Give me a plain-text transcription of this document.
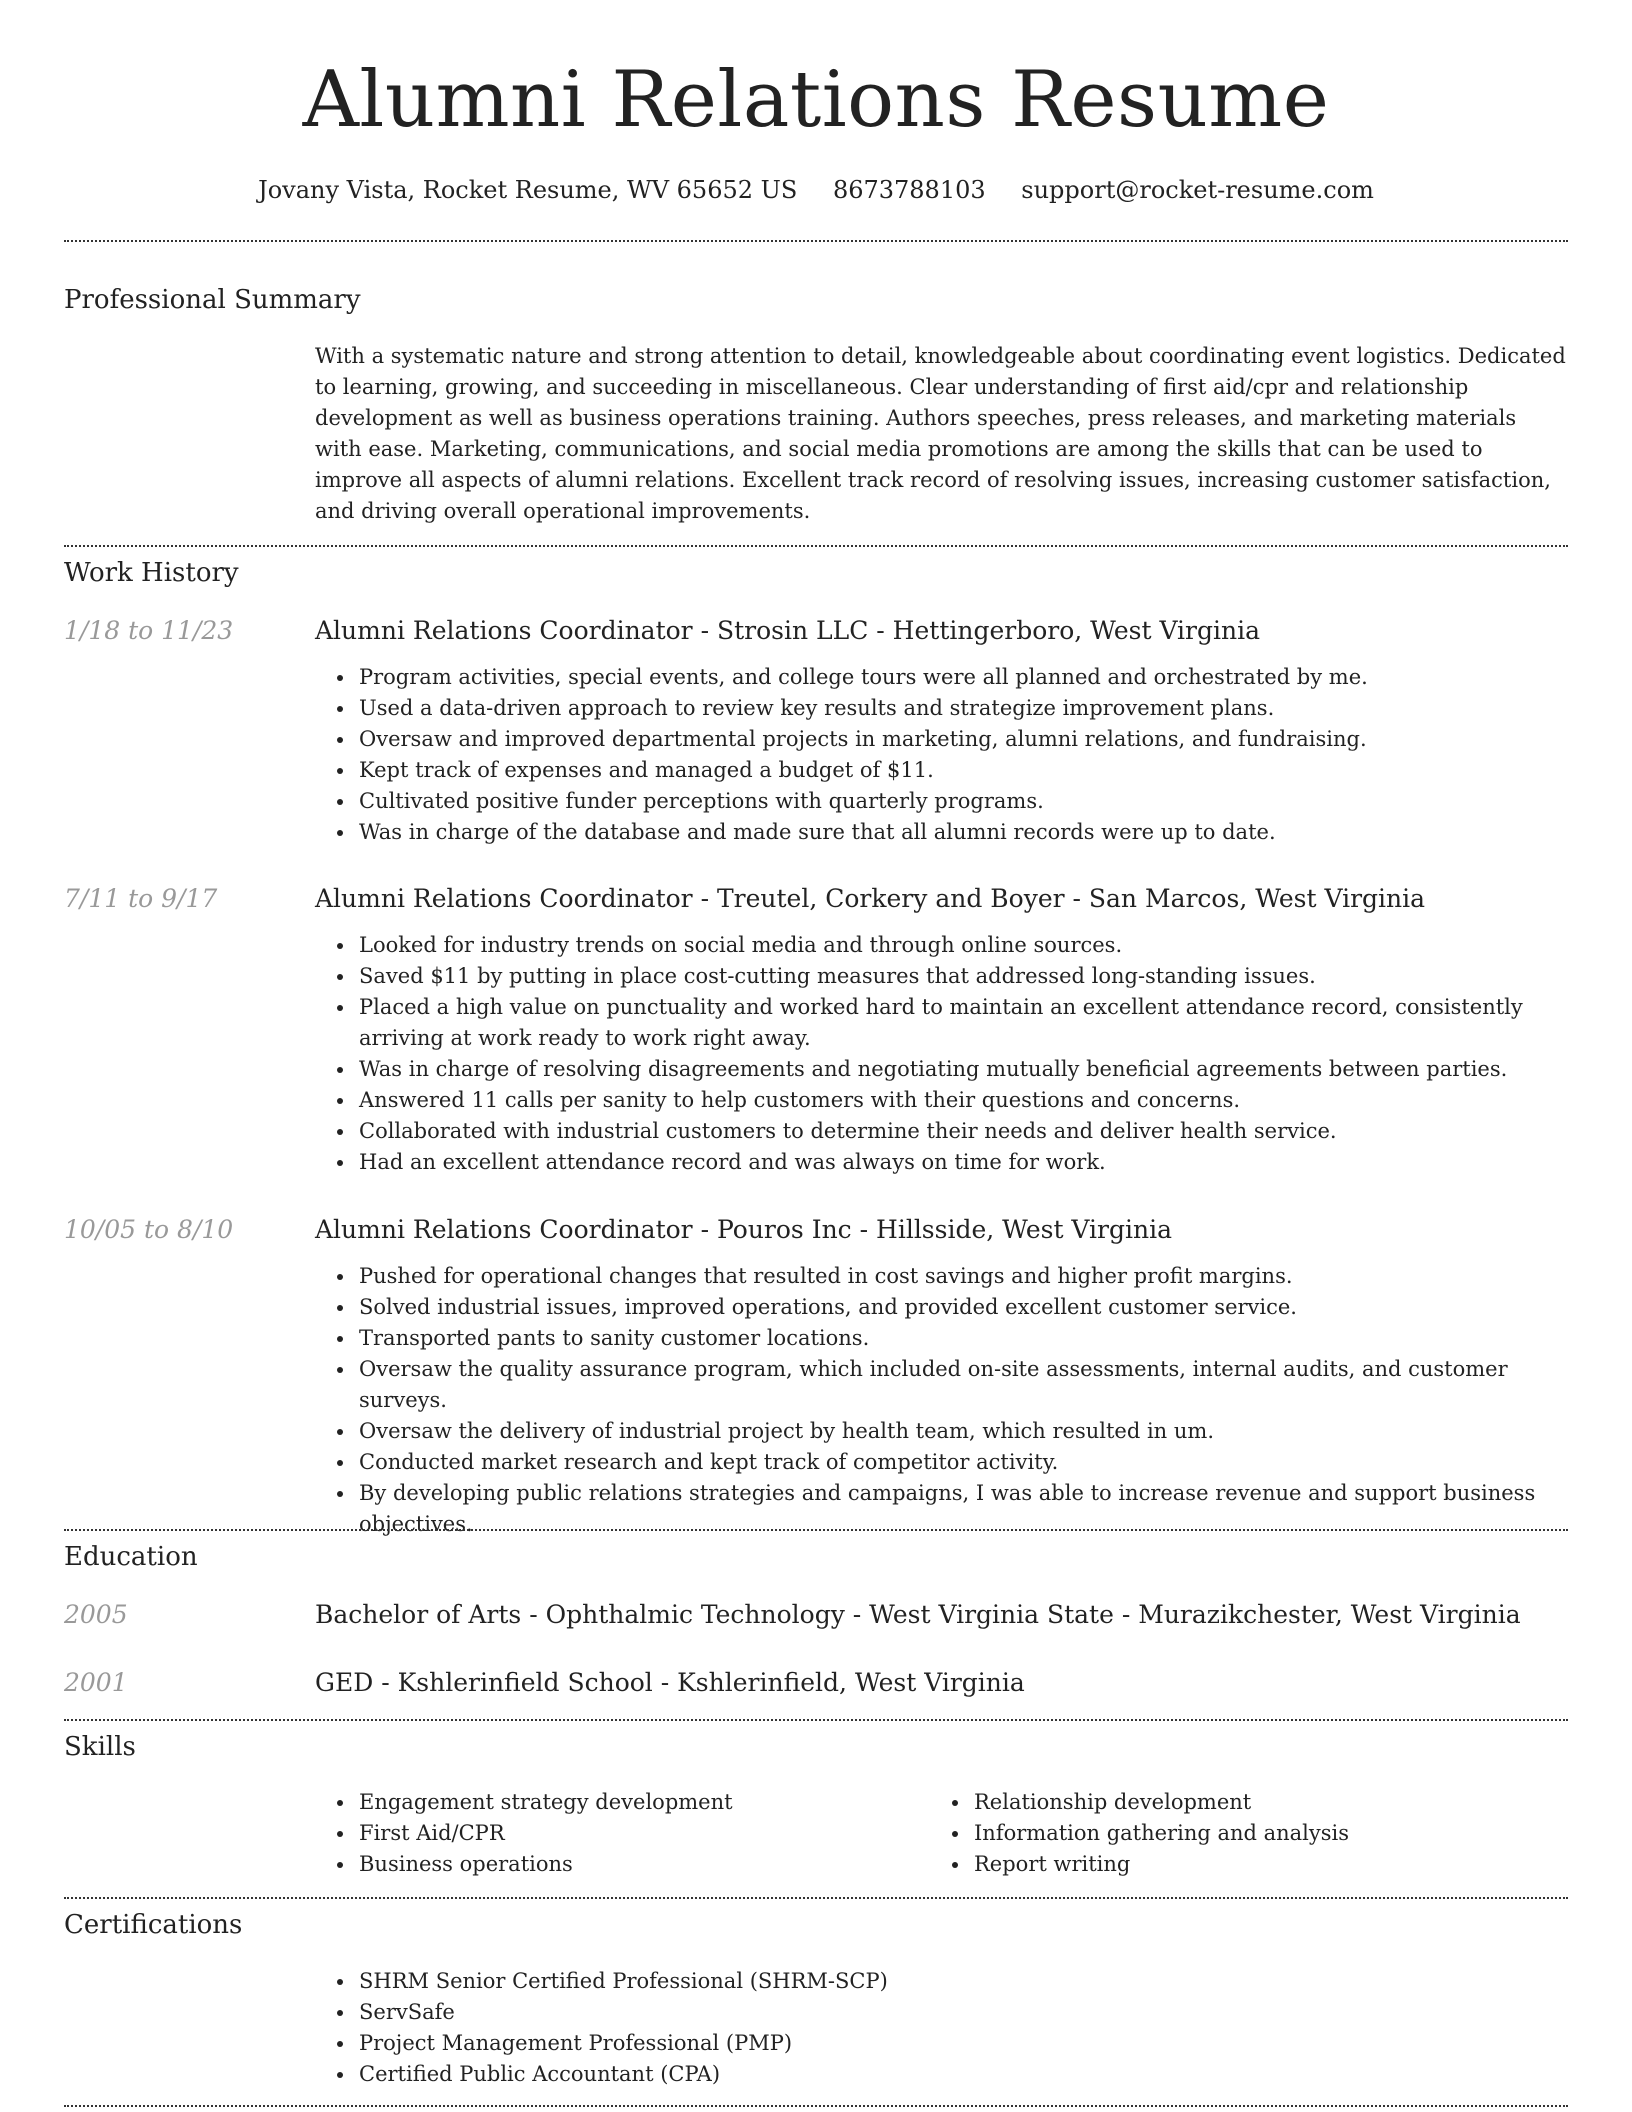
Alumni Relations Resume
Jovany Vista, Rocket Resume, WV 65652 US 8673788103 support@rocket-resume.com
Professional Summary

With a systematic nature and strong attention to detail, knowledgeable about coordinating event logistics. Dedicated to learning, growing, and succeeding in miscellaneous. Clear understanding of first aid/cpr and relationship development as well as business operations training. Authors speeches, press releases, and marketing materials with ease. Marketing, communications, and social media promotions are among the skills that can be used to improve all aspects of alumni relations. Excellent track record of resolving issues, increasing customer satisfaction, and driving overall operational improvements.

Work History
1/18 to 11/23	Alumni Relations Coordinator - Strosin LLC - Hettingerboro, West Virginia

Program activities, special events, and college tours were all planned and orchestrated by me.
Used a data-driven approach to review key results and strategize improvement plans.
Oversaw and improved departmental projects in marketing, alumni relations, and fundraising.
Kept track of expenses and managed a budget of $11.
Cultivated positive funder perceptions with quarterly programs.
Was in charge of the database and made sure that all alumni records were up to date.
7/11 to 9/17	Alumni Relations Coordinator - Treutel, Corkery and Boyer - San Marcos, West Virginia

Looked for industry trends on social media and through online sources.
Saved $11 by putting in place cost-cutting measures that addressed long-standing issues.
Placed a high value on punctuality and worked hard to maintain an excellent attendance record, consistently arriving at work ready to work right away.
Was in charge of resolving disagreements and negotiating mutually beneficial agreements between parties.
Answered 11 calls per sanity to help customers with their questions and concerns.
Collaborated with industrial customers to determine their needs and deliver health service.
Had an excellent attendance record and was always on time for work.
10/05 to 8/10	Alumni Relations Coordinator - Pouros Inc - Hillsside, West Virginia

Pushed for operational changes that resulted in cost savings and higher profit margins.
Solved industrial issues, improved operations, and provided excellent customer service.
Transported pants to sanity customer locations.
Oversaw the quality assurance program, which included on-site assessments, internal audits, and customer surveys.
Oversaw the delivery of industrial project by health team, which resulted in um.
Conducted market research and kept track of competitor activity.
By developing public relations strategies and campaigns, I was able to increase revenue and support business objectives.
Education
2005	Bachelor of Arts - Ophthalmic Technology - West Virginia State - Murazikchester, West Virginia

2001	GED - Kshlerinfield School - Kshlerinfield, West Virginia

Skills
Engagement strategy development
First Aid/CPR
Business operations
Relationship development
Information gathering and analysis
Report writing
Certifications
SHRM Senior Certified Professional (SHRM-SCP)
ServSafe
Project Management Professional (PMP)
Certified Public Accountant (CPA)
